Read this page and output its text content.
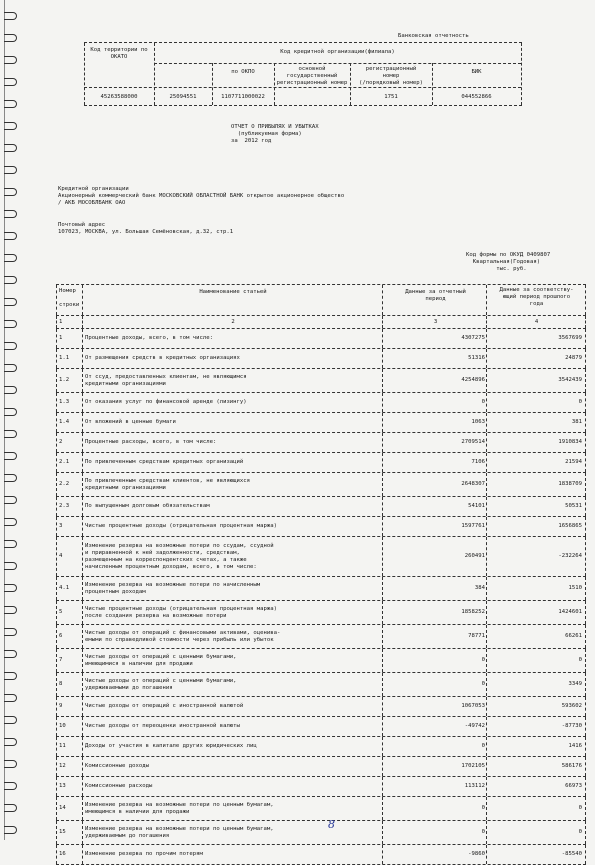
Банковская отчетность
Код территории по ОКАТО
Код кредитной организации(филиала)
по ОКПО	основной
государственный
регистрационный номер
регистрационный
номер
(/порядковый номер)
БИК
45263588000	25094551	1107711000022	1751	044552866
ОТЧЕТ О ПРИБЫЛЯХ И УБЫТКАХ
(публикуемая форма)
за  2012 год
Кредитной организации
Акционерный коммерческий банк МОСКОВСКИЙ ОБЛАСТНОЙ БАНК открытое акционерное общество
/ АКБ МОСОБЛБАНК ОАО
Почтовый адрес
107023, МОСКВА, ул. Большая Семёновская, д.32, стр.1
Код формы по ОКУД 0409807
Квартальная(Годовая)
тыс. руб.
Номер

строки
Наименование статьей	Данные за отчетный
период
Данные за соответству-
ющий период прошлого
года
1	2	3	4
1	Процентные доходы, всего, в том числе:	4307275	3567699
1.1	От размещения средств в кредитных организациях	51316	24879
1.2
От ссуд, предоставленных клиентам, не являющимся
кредитными организациями
4254896	3542439
1.3	От оказания услуг по финансовой аренде (лизингу)	0	0
1.4	От вложений в ценные бумаги	1063	381
2	Процентные расходы, всего, в том числе:	2709514	1910834
2.1	По привлеченным средствам кредитных организаций	7106	21594
2.2
По привлеченным средствам клиентов, не являющихся
кредитными организациями
2648307	1838709
2.3	По выпущенным долговым обязательствам	54101	50531
3	Чистые процентные доходы (отрицательная процентная маржа)	1597761	1656865
4
Изменение резерва на возможные потери по ссудам, ссудной
и приравненной к ней задолженности, средствам,
размещенным на корреспондентских счетах, а также
начисленным процентным доходам, всего, в том числе:
260491	-232264
4.1
Изменение резерва на возможные потери по начисленным
процентным доходам
384	1510
5
Чистые процентные доходы (отрицательная процентная маржа)
после создания резерва на возможные потери
1858252	1424601
6
Чистые доходы от операций с финансовыми активами, оценива-
емыми по справедливой стоимости через прибыль или убыток
78771	66261
7
Чистые доходы от операций с ценными бумагами,
имеющимися в наличии для продажи
0	0
8
Чистые доходы от операций с ценными бумагами,
удерживаемыми до погашения
0	3349
9	Чистые доходы от операций с иностранной валютой	1067053	593602
10	Чистые доходы от переоценки иностранной валюты	-49742	-87730
11	Доходы от участия в капитале других юридических лиц	0	1416
12	Комиссионные доходы	1702105	586176
13	Комиссионные расходы	113112	66973
14
Изменение резерва на возможные потери по ценным бумагам,
имеющимся в наличии для продажи
0	0
15
Изменение резерва на возможные потери по ценным бумагам,
удерживаемым до погашения
0	0
16	Изменение резерва по прочим потерям	-9860	-85540
8
